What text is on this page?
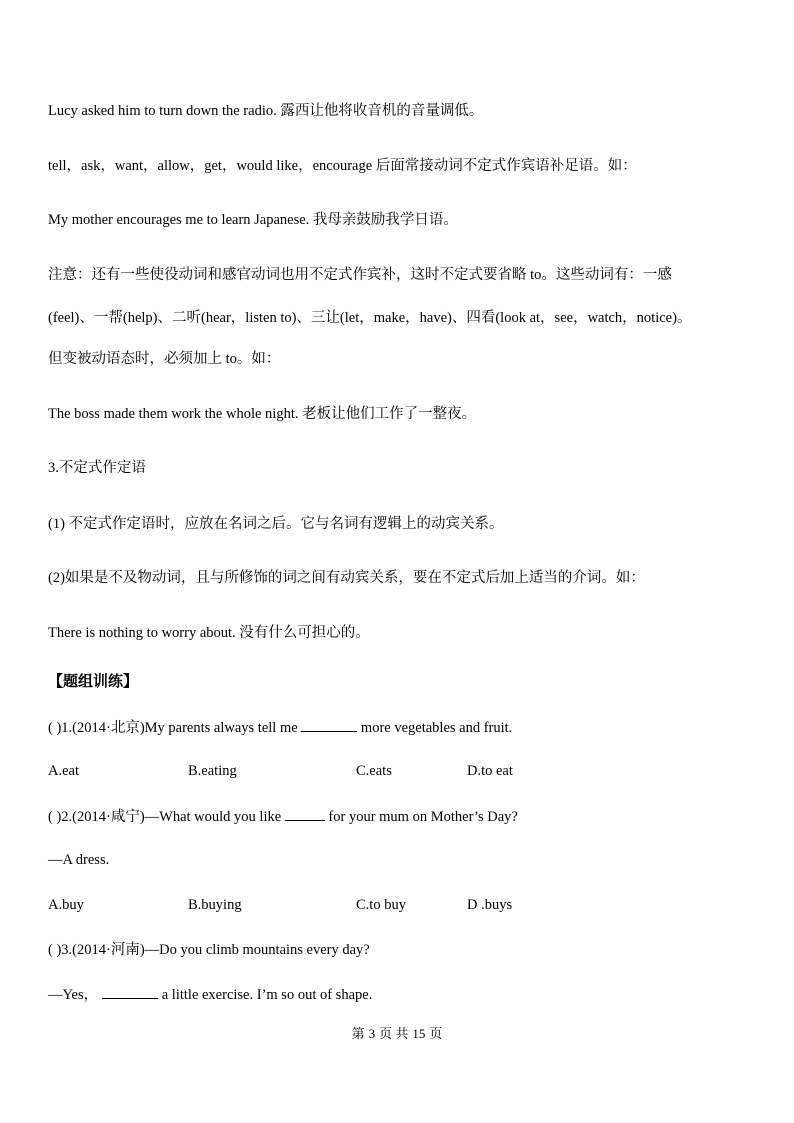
Lucy asked him to turn down the radio. 露西让他将收音机的音量调低。
tell，ask，want，allow，get，would like，encourage 后面常接动词不定式作宾语补足语。如：
My mother encourages me to learn Japanese. 我母亲鼓励我学日语。
注意：还有一些使役动词和感官动词也用不定式作宾补，这时不定式要省略 to。这些动词有：一感
(feel)、一帮(help)、二听(hear，listen to)、三让(let，make，have)、四看(look at，see，watch，notice)。
但变被动语态时，必须加上 to。如：
The boss made them work the whole night. 老板让他们工作了一整夜。
3.不定式作定语
(1) 不定式作定语时，应放在名词之后。它与名词有逻辑上的动宾关系。
(2)如果是不及物动词，且与所修饰的词之间有动宾关系，要在不定式后加上适当的介词。如：
There is nothing to worry about. 没有什么可担心的。
【题组训练】
( )1.(2014·北京)My parents always tell me	more vegetables and fruit.
A.eat	B.eating	C.eats	D.to eat
( )2.(2014·咸宁)—What would you like	for your mum on Mother’s Day?
—A dress.
A.buy	B.buying	C.to buy	D .buys
( )3.(2014·河南)—Do you climb mountains every day?
—Yes，	a little exercise. I’m so out of shape.
第 3 页 共 15 页
